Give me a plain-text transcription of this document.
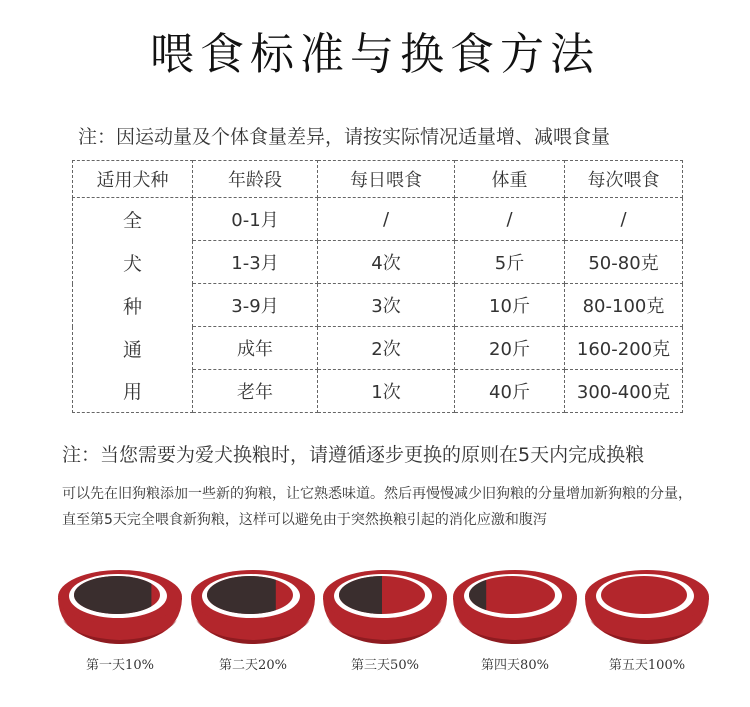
喂食标准与换食方法
注：因运动量及个体食量差异，请按实际情况适量增、减喂食量
适用犬种	年龄段	每日喂食	体重	每次喂食
全	0-1月	/	/	/
犬	1-3月	4次	5斤	50-80克
种	3-9月	3次	10斤	80-100克
通	成年	2次	20斤	160-200克
用	老年	1次	40斤	300-400克
注：当您需要为爱犬换粮时，请遵循逐步更换的原则在5天内完成换粮
可以先在旧狗粮添加一些新的狗粮，让它熟悉味道。然后再慢慢减少旧狗粮的分量增加新狗粮的分量，直至第5天完全喂食新狗粮，这样可以避免由于突然换粮引起的消化应激和腹泻
第一天10%	第二天20%	第三天50%	第四天80%	第五天100%
